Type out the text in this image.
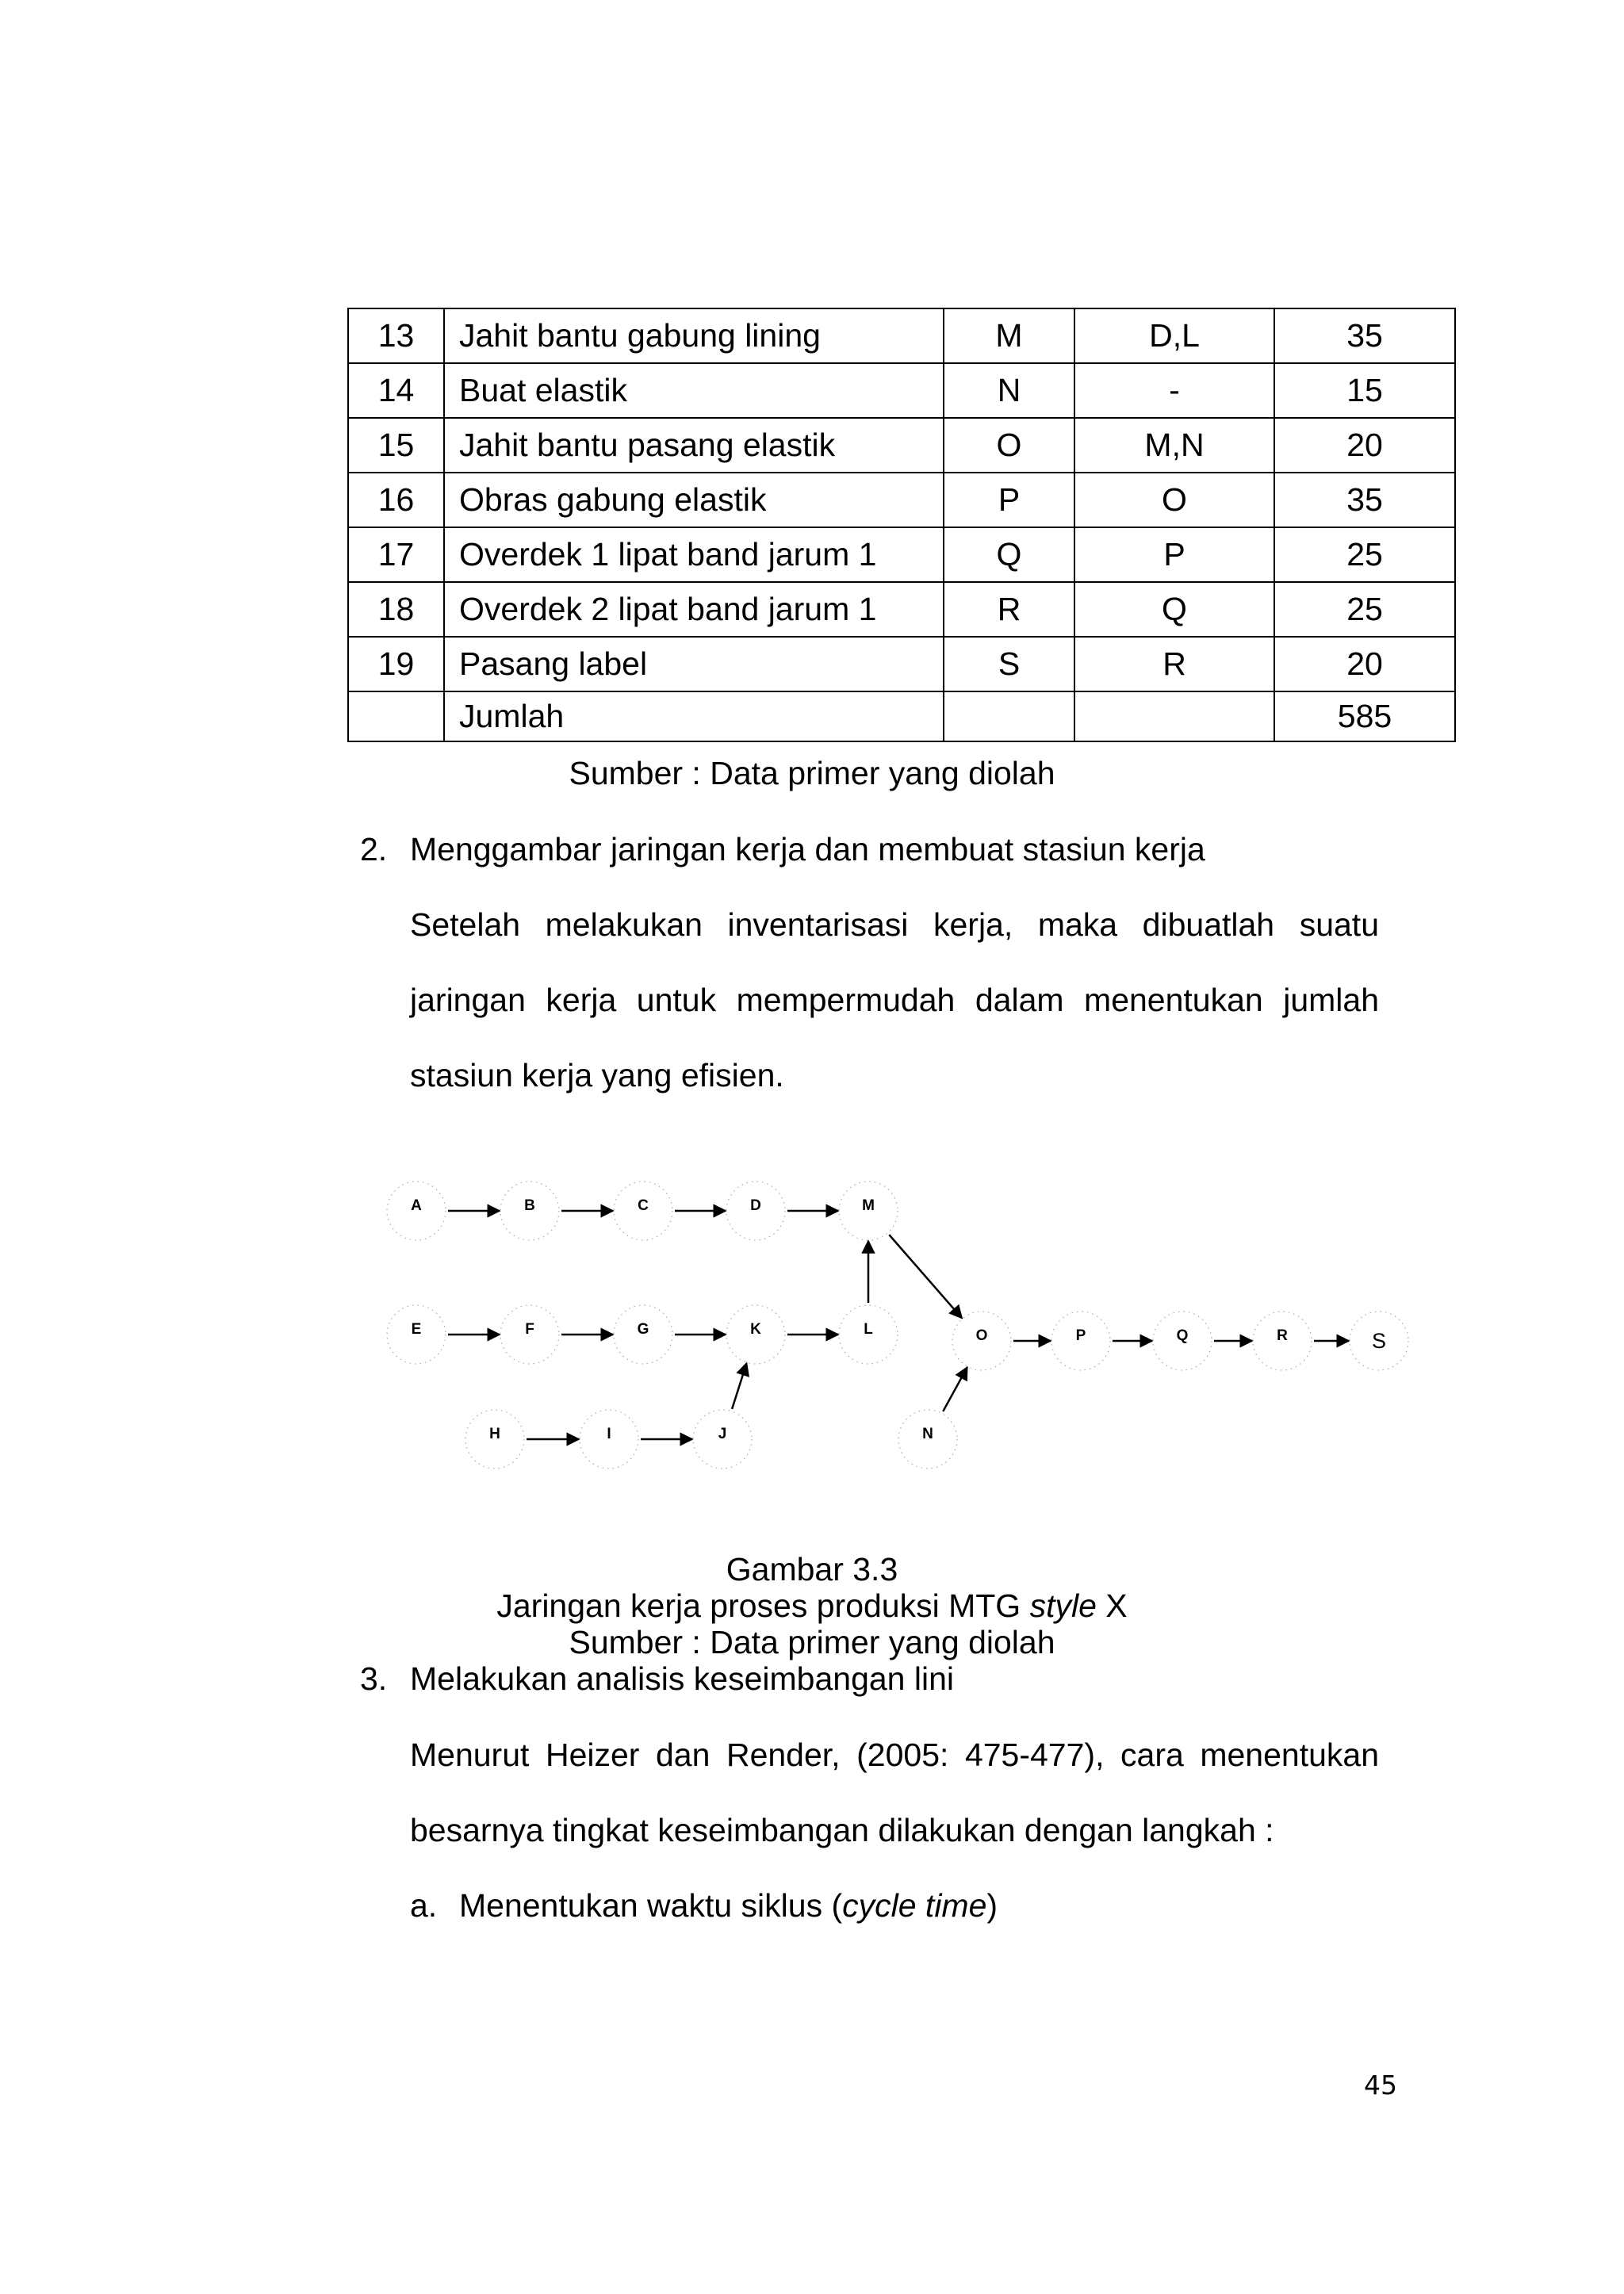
13	Jahit bantu gabung lining	M	D,L	35
14	Buat elastik	N	-	15
15	Jahit bantu pasang elastik	O	M,N	20
16	Obras gabung elastik	P	O	35
17	Overdek 1 lipat band jarum 1	Q	P	25
18	Overdek 2 lipat band jarum 1	R	Q	25
19	Pasang label	S	R	20
	Jumlah			585
Sumber : Data primer yang diolah
2. Menggambar jaringan kerja dan membuat stasiun kerja
Setelah melakukan inventarisasi kerja, maka dibuatlah suatu
jaringan kerja untuk mempermudah dalam menentukan jumlah
stasiun kerja yang efisien.
A	B	C	D	M
E	F	G	K	L	O	P	Q	R	S
H	I	J	N
Gambar 3.3
Jaringan kerja proses produksi MTG style X
Sumber : Data primer yang diolah
3. Melakukan analisis keseimbangan lini
Menurut Heizer dan Render, (2005: 475-477), cara menentukan
besarnya tingkat keseimbangan dilakukan dengan langkah :
a. Menentukan waktu siklus (cycle time)
45
